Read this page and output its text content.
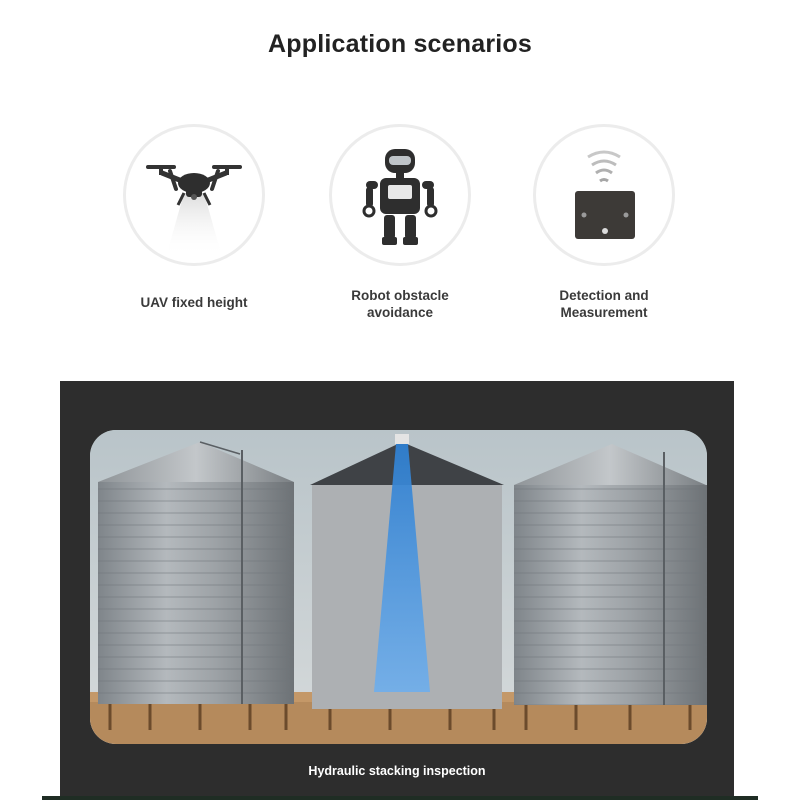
Application scenarios
UAV fixed height	Robot obstacle
avoidance
Detection and
Measurement
Hydraulic stacking inspection
